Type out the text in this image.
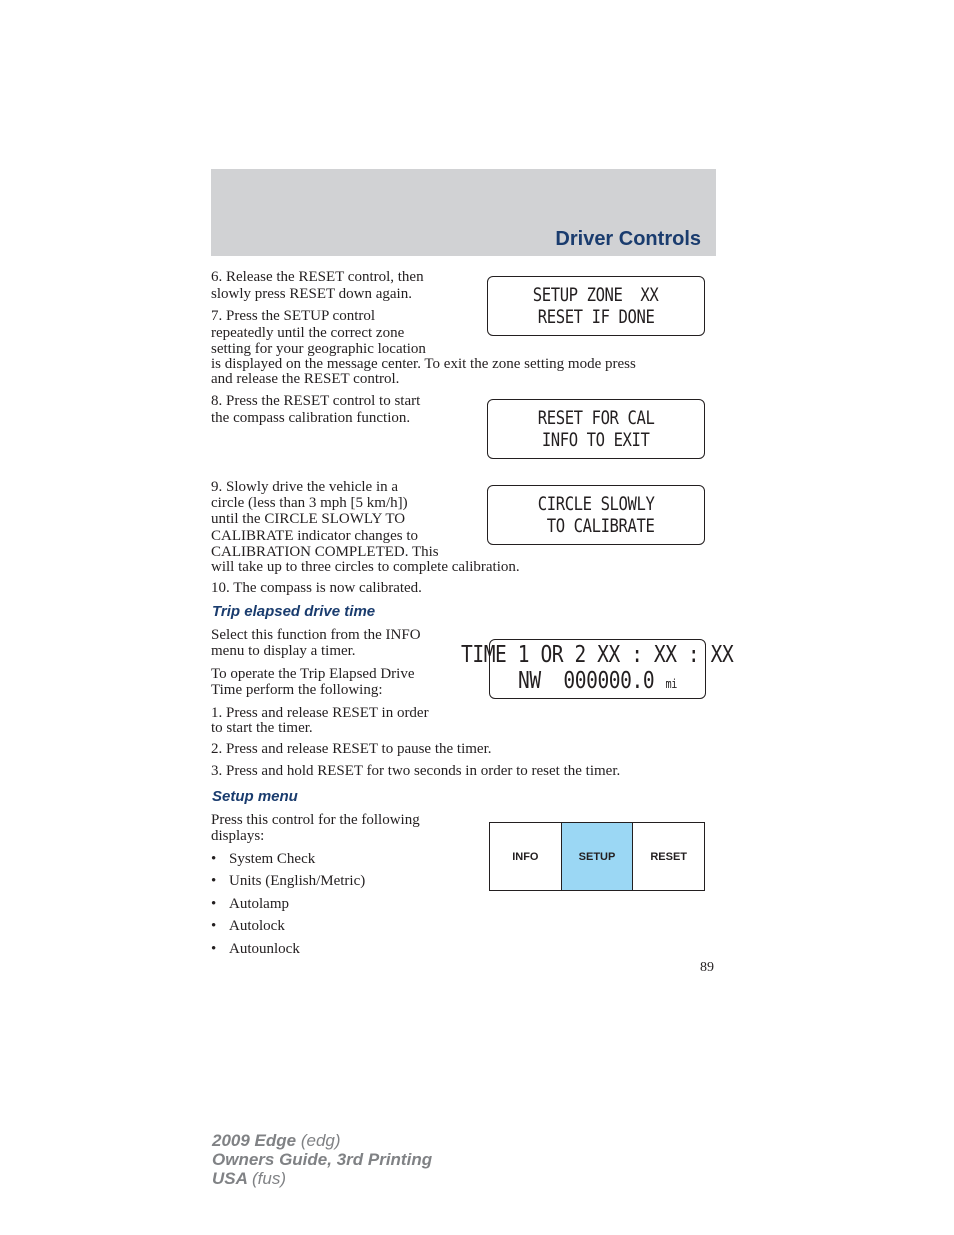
Driver Controls
6. Release the RESET control, then
slowly press RESET down again.
7. Press the SETUP control
repeatedly until the correct zone
setting for your geographic location
is displayed on the message center. To exit the zone setting mode press
and release the RESET control.
SETUP ZONE  XX
RESET IF DONE
8. Press the RESET control to start
the compass calibration function.	RESET FOR CAL
INFO TO EXIT
9. Slowly drive the vehicle in a
circle (less than 3 mph [5 km/h])
until the CIRCLE SLOWLY TO
CALIBRATE indicator changes to
CALIBRATION COMPLETED. This
will take up to three circles to complete calibration.
CIRCLE SLOWLY
TO CALIBRATE
10. The compass is now calibrated.
Trip elapsed drive time
Select this function from the INFO
menu to display a timer.
To operate the Trip Elapsed Drive
Time perform the following:
1. Press and release RESET in order
to start the timer.
2. Press and release RESET to pause the timer.
3. Press and hold RESET for two seconds in order to reset the timer.
TIME 1 OR 2 XX : XX : XX
NW  000000.0 mi
Setup menu
Press this control for the following
displays:
• System Check
• Units (English/Metric)
• Autolamp
• Autolock
• Autounlock
INFO	SETUP	RESET
89
2009 Edge (edg)
Owners Guide, 3rd Printing
USA (fus)
